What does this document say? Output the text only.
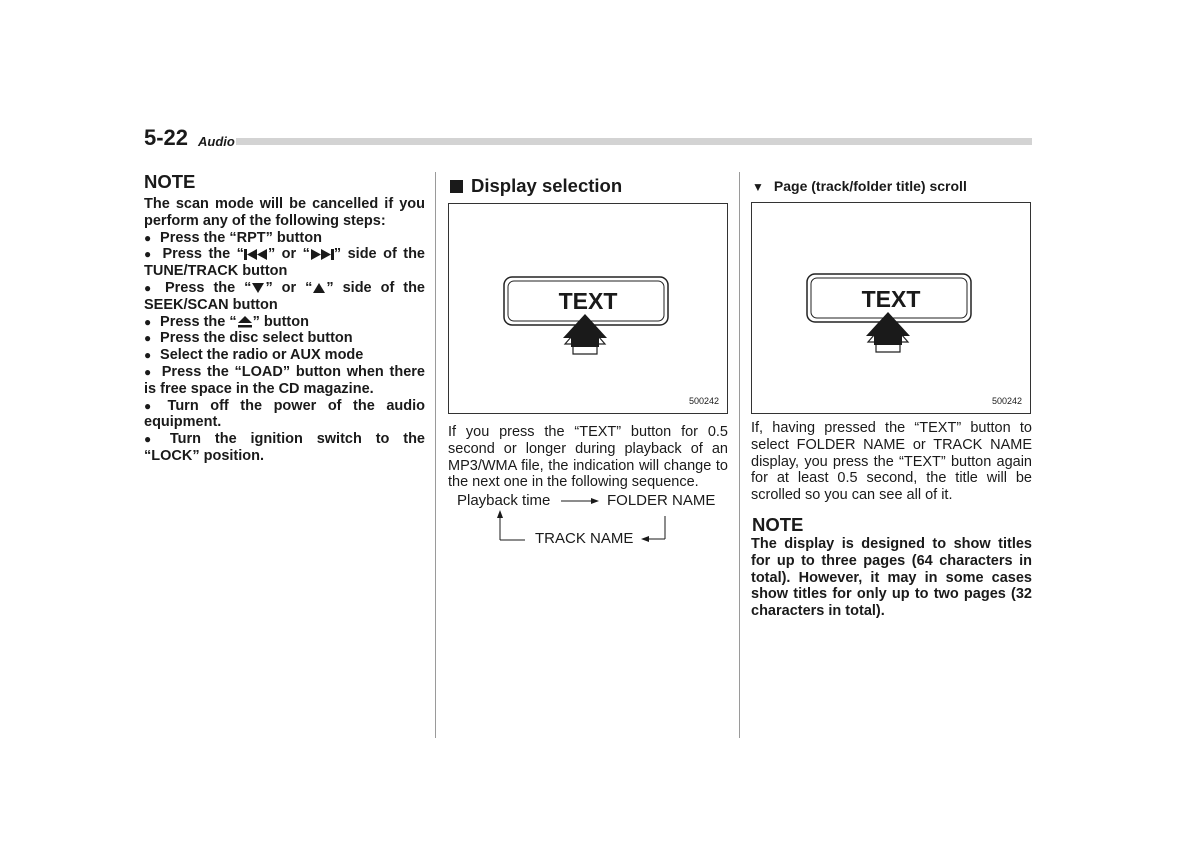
5-22 Audio
NOTE
The scan mode will be cancelled if you perform any of the following steps:
● Press the “RPT” button
● Press the “ ” or “ ” side of the TUNE/TRACK button
● Press the “ ” or “ ” side of the SEEK/SCAN button
● Press the “ ” button
● Press the disc select button
● Select the radio or AUX mode
● Press the “LOAD” button when there is free space in the CD magazine.
● Turn off the power of the audio equipment.
● Turn the ignition switch to the “LOCK” position.
Display selection
TEXT
500242
If you press the “TEXT” button for 0.5 second or longer during playback of an MP3/WMA file, the indication will change to the next one in the following sequence.
Playback time	FOLDER NAME
TRACK NAME
▼ Page (track/folder title) scroll
TEXT
500242
If, having pressed the “TEXT” button to select FOLDER NAME or TRACK NAME display, you press the “TEXT” button again for at least 0.5 second, the title will be scrolled so you can see all of it.
NOTE
The display is designed to show titles for up to three pages (64 characters in total). However, it may in some cases show titles for only up to two pages (32 characters in total).
